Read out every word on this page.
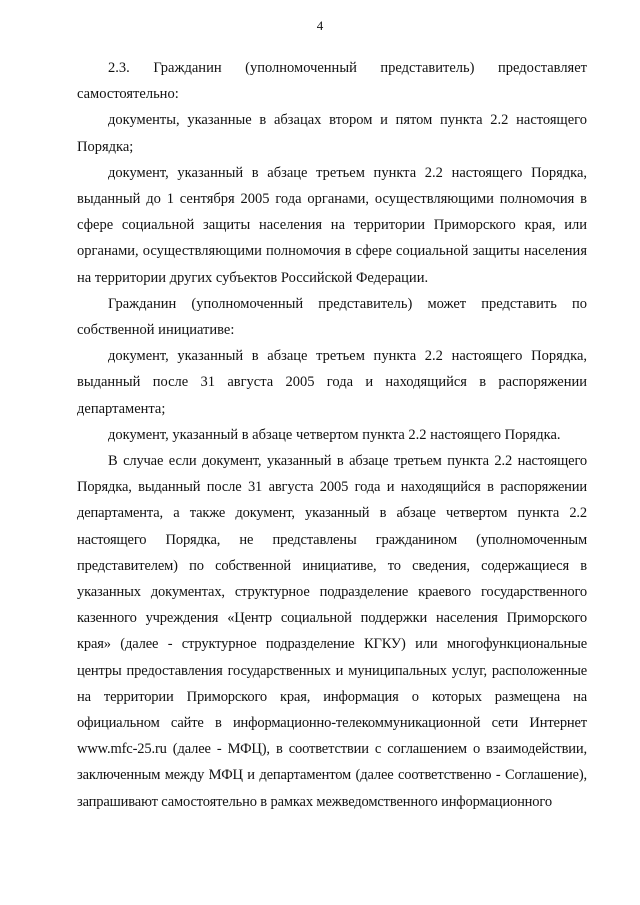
4

2.3. Гражданин (уполномоченный представитель) предоставляет самостоятельно:

документы, указанные в абзацах втором и пятом пункта 2.2 настоящего Порядка;

документ, указанный в абзаце третьем пункта 2.2 настоящего Порядка, выданный до 1 сентября 2005 года органами, осуществляющими полномочия в сфере социальной защиты населения на территории Приморского края, или органами, осуществляющими полномочия в сфере социальной защиты населения на территории других субъектов Российской Федерации.

Гражданин (уполномоченный представитель) может представить по собственной инициативе:

документ, указанный в абзаце третьем пункта 2.2 настоящего Порядка, выданный после 31 августа 2005 года и находящийся в распоряжении департамента;

документ, указанный в абзаце четвертом пункта 2.2 настоящего Порядка.

В случае если документ, указанный в абзаце третьем пункта 2.2 настоящего Порядка, выданный после 31 августа 2005 года и находящийся в распоряжении департамента, а также документ, указанный в абзаце четвертом пункта 2.2 настоящего Порядка, не представлены гражданином (уполномоченным представителем) по собственной инициативе, то сведения, содержащиеся в указанных документах, структурное подразделение краевого государственного казенного учреждения «Центр социальной поддержки населения Приморского края» (далее - структурное подразделение КГКУ) или многофункциональные центры предоставления государственных и муниципальных услуг, расположенные на территории Приморского края, информация о которых размещена на официальном сайте в информационно-телекоммуникационной сети Интернет www.mfc-25.ru (далее - МФЦ), в соответствии с соглашением о взаимодействии, заключенным между МФЦ и департаментом (далее соответственно - Соглашение), запрашивают самостоятельно в рамках межведомственного информационного
